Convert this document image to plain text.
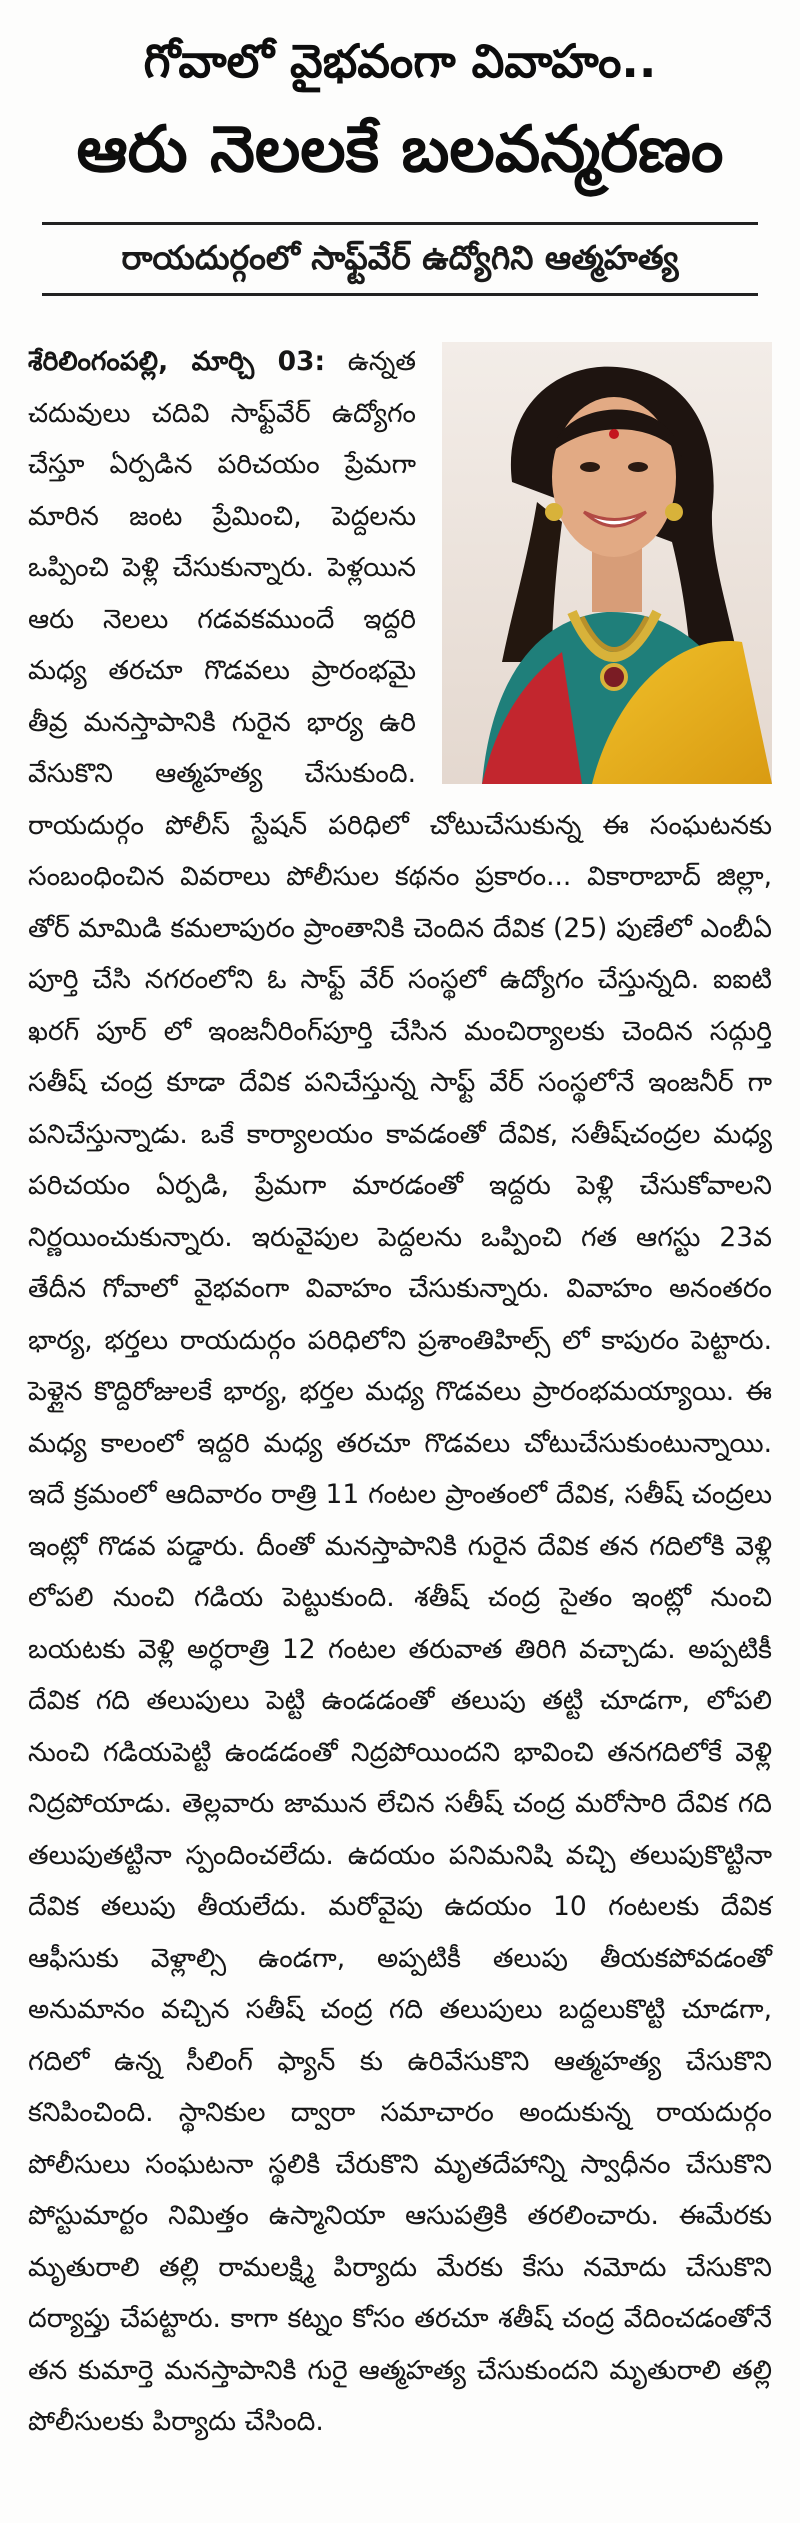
గోవాలో వైభవంగా వివాహం..
ఆరు నెలలకే బలవన్మరణం
రాయదుర్గంలో సాఫ్ట్‌వేర్ ఉద్యోగిని ఆత్మహత్య
శేరిలింగంపల్లి, మార్చి 03: ఉన్నత చదువులు చదివి సాఫ్ట్‌వేర్ ఉద్యోగం చేస్తూ ఏర్పడిన పరిచయం ప్రేమగా మారిన జంట ప్రేమించి, పెద్దలను ఒప్పించి పెళ్లి చేసుకున్నారు. పెళ్లయిన ఆరు నెలలు గడవకముందే ఇద్దరి మధ్య తరచూ గొడవలు ప్రారంభమై తీవ్ర మనస్తాపానికి గురైన భార్య ఉరి వేసుకొని ఆత్మహత్య చేసుకుంది. రాయదుర్గం పోలీస్ స్టేషన్ పరిధిలో చోటుచేసుకున్న ఈ సంఘటనకు సంబంధించిన వివరాలు పోలీసుల కథనం ప్రకారం... వికారాబాద్ జిల్లా, తోర్ మామిడి కమలాపురం ప్రాంతానికి చెందిన దేవిక (25) పుణేలో ఎంబీఏ పూర్తి చేసి నగరంలోని ఓ సాఫ్ట్ వేర్ సంస్థలో ఉద్యోగం చేస్తున్నది. ఐఐటి ఖరగ్ పూర్ లో ఇంజనీరింగ్‌పూర్తి చేసిన మంచిర్యాలకు చెందిన సద్గుర్తి సతీష్ చంద్ర కూడా దేవిక పనిచేస్తున్న సాఫ్ట్ వేర్ సంస్థలోనే ఇంజనీర్ గా పనిచేస్తున్నాడు. ఒకే కార్యాలయం కావడంతో దేవిక, సతీష్‌చంద్రల మధ్య పరిచయం ఏర్పడి, ప్రేమగా మారడంతో ఇద్దరు పెళ్లి చేసుకోవాలని నిర్ణయించుకున్నారు. ఇరువైపుల పెద్దలను ఒప్పించి గత ఆగస్టు 23వ తేదీన గోవాలో వైభవంగా వివాహం చేసుకున్నారు. వివాహం అనంతరం భార్య, భర్తలు రాయదుర్గం పరిధిలోని ప్రశాంతిహిల్స్ లో కాపురం పెట్టారు. పెళ్లైన కొద్దిరోజులకే భార్య, భర్తల మధ్య గొడవలు ప్రారంభమయ్యాయి. ఈ మధ్య కాలంలో ఇద్దరి మధ్య తరచూ గొడవలు చోటుచేసుకుంటున్నాయి. ఇదే క్రమంలో ఆదివారం రాత్రి 11 గంటల ప్రాంతంలో దేవిక, సతీష్ చంద్రలు ఇంట్లో గొడవ పడ్డారు. దీంతో మనస్తాపానికి గురైన దేవిక తన గదిలోకి వెళ్లి లోపలి నుంచి గడియ పెట్టుకుంది. శతీష్ చంద్ర సైతం ఇంట్లో నుంచి బయటకు వెళ్లి అర్ధరాత్రి 12 గంటల తరువాత తిరిగి వచ్చాడు. అప్పటికీ దేవిక గది తలుపులు పెట్టి ఉండడంతో తలుపు తట్టి చూడగా, లోపలి నుంచి గడియపెట్టి ఉండడంతో నిద్రపోయిందని భావించి తనగదిలోకే వెళ్లి నిద్రపోయాడు. తెల్లవారు జామున లేచిన సతీష్ చంద్ర మరోసారి దేవిక గది తలుపుతట్టినా స్పందించలేదు. ఉదయం పనిమనిషి వచ్చి తలుపుకొట్టినా దేవిక తలుపు తీయలేదు. మరోవైపు ఉదయం 10 గంటలకు దేవిక ఆఫీసుకు వెళ్లాల్సి ఉండగా, అప్పటికీ తలుపు తీయకపోవడంతో అనుమానం వచ్చిన సతీష్ చంద్ర గది తలుపులు బద్దలుకొట్టి చూడగా, గదిలో ఉన్న సీలింగ్ ఫ్యాన్ కు ఉరివేసుకొని ఆత్మహత్య చేసుకొని కనిపించింది. స్థానికుల ద్వారా సమాచారం అందుకున్న రాయదుర్గం పోలీసులు సంఘటనా స్థలికి చేరుకొని మృతదేహాన్ని స్వాధీనం చేసుకొని పోస్టుమార్టం నిమిత్తం ఉస్మానియా ఆసుపత్రికి తరలించారు. ఈమేరకు మృతురాలి తల్లి రామలక్ష్మి పిర్యాదు మేరకు కేసు నమోదు చేసుకొని దర్యాప్తు చేపట్టారు. కాగా కట్నం కోసం తరచూ శతీష్ చంద్ర వేదించడంతోనే తన కుమార్తె మనస్తాపానికి గురై ఆత్మహత్య చేసుకుందని మృతురాలి తల్లి పోలీసులకు పిర్యాదు చేసింది.
